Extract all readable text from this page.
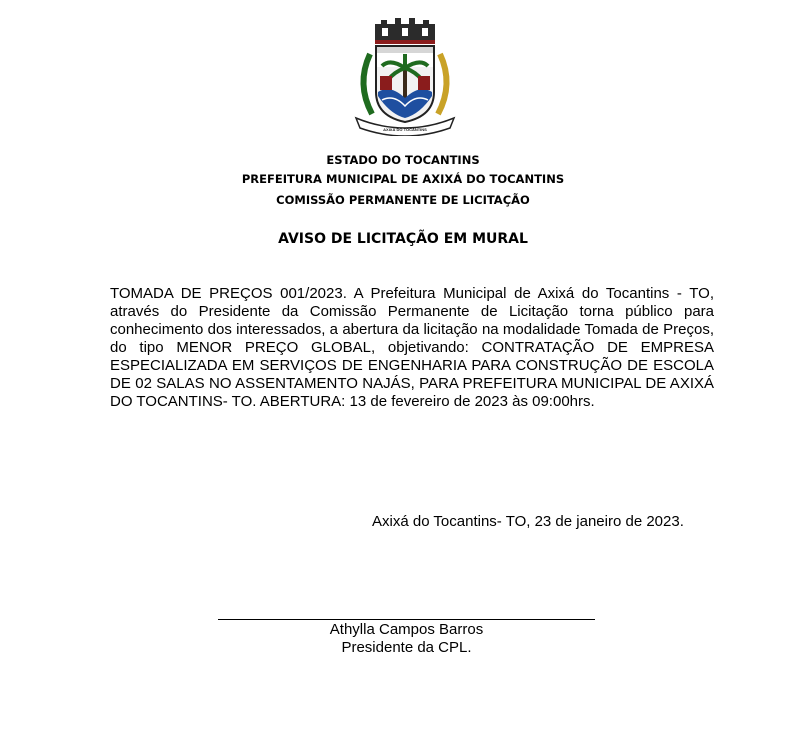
AXIXÁ DO TOCANTINS
ESTADO DO TOCANTINS
PREFEITURA MUNICIPAL DE AXIXÁ DO TOCANTINS
COMISSÃO PERMANENTE DE LICITAÇÃO
AVISO DE LICITAÇÃO EM MURAL

TOMADA DE PREÇOS 001/2023. A Prefeitura Municipal de Axixá do Tocantins - TO, através do Presidente da Comissão Permanente de Licitação torna público para conhecimento dos interessados, a abertura da licitação na modalidade Tomada de Preços, do tipo MENOR PREÇO GLOBAL, objetivando: CONTRATAÇÃO DE EMPRESA ESPECIALIZADA EM SERVIÇOS DE ENGENHARIA PARA CONSTRUÇÃO DE ESCOLA DE 02 SALAS NO ASSENTAMENTO NAJÁS, PARA PREFEITURA MUNICIPAL DE AXIXÁ DO TOCANTINS- TO. ABERTURA: 13 de fevereiro de 2023 às 09:00hrs.

Axixá do Tocantins- TO, 23 de janeiro de 2023.
Athylla Campos Barros
Presidente da CPL.
